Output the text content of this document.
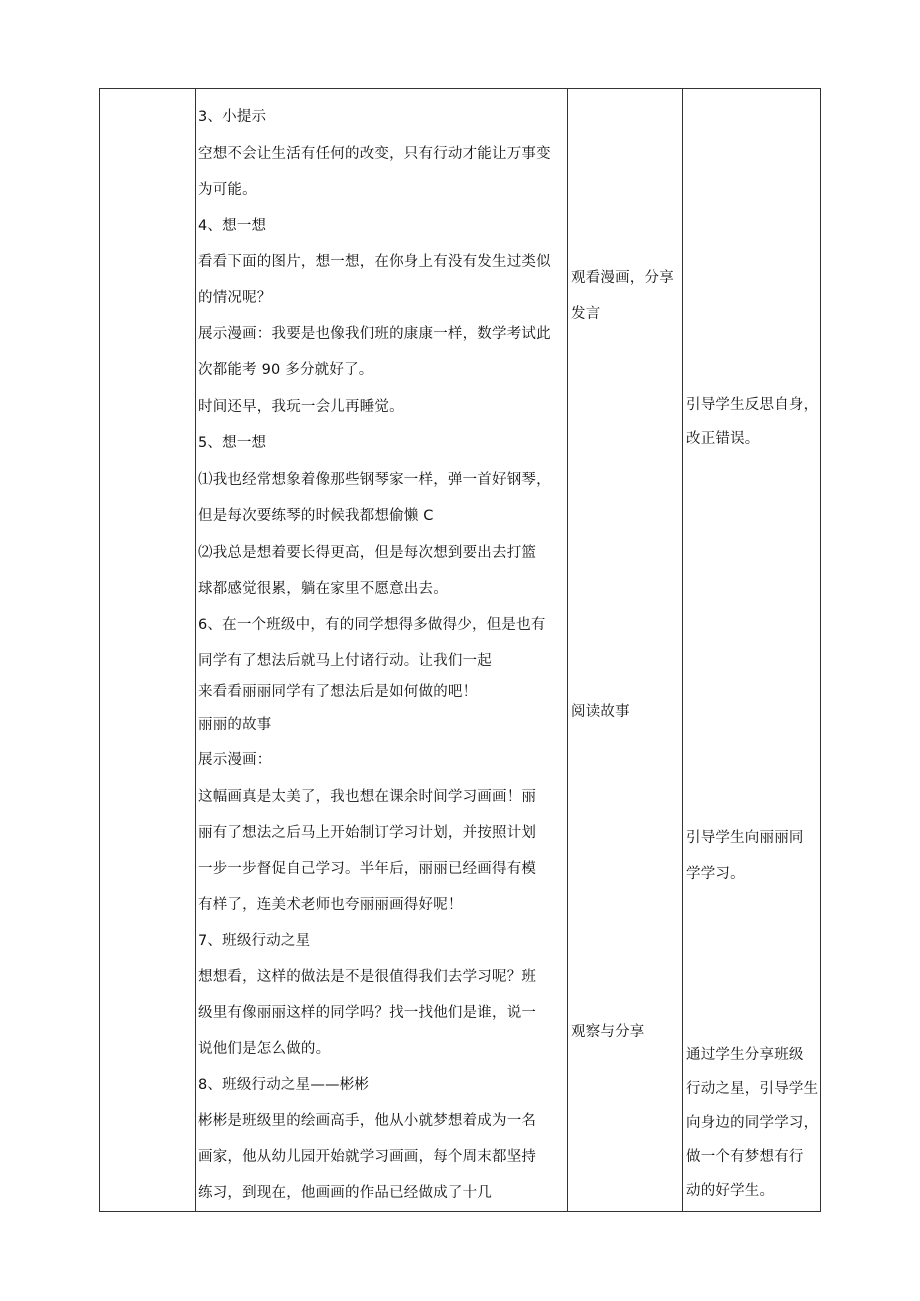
3、小提示
空想不会让生活有任何的改变，只有行动才能让万事变
为可能。
4、想一想
看看下面的图片，想一想，在你身上有没有发生过类似
的情况呢？
展示漫画：我要是也像我们班的康康一样，数学考试此
次都能考 90 多分就好了。
时间还早，我玩一会儿再睡觉。
5、想一想
⑴我也经常想象着像那些钢琴家一样，弹一首好钢琴，
但是每次要练琴的时候我都想偷懒 C
⑵我总是想着要长得更高，但是每次想到要出去打篮
球都感觉很累，躺在家里不愿意出去。
6、在一个班级中，有的同学想得多做得少，但是也有
同学有了想法后就马上付诸行动。让我们一起
来看看丽丽同学有了想法后是如何做的吧！
丽丽的故事
展示漫画：
这幅画真是太美了，我也想在课余时间学习画画！丽
丽有了想法之后马上开始制订学习计划，并按照计划
一步一步督促自己学习。半年后，丽丽已经画得有模
有样了，连美术老师也夸丽丽画得好呢！
7、班级行动之星
想想看，这样的做法是不是很值得我们去学习呢？班
级里有像丽丽这样的同学吗？找一找他们是谁，说一
说他们是怎么做的。
8、班级行动之星——彬彬
彬彬是班级里的绘画高手，他从小就梦想着成为一名
画家，他从幼儿园开始就学习画画，每个周末都坚持
练习，到现在，他画画的作品已经做成了十几
观看漫画，分享
发言
阅读故事
观察与分享
引导学生反思自身，
改正错误。
引导学生向丽丽同
学学习。
通过学生分享班级
行动之星，引导学生
向身边的同学学习，
做一个有梦想有行
动的好学生。
